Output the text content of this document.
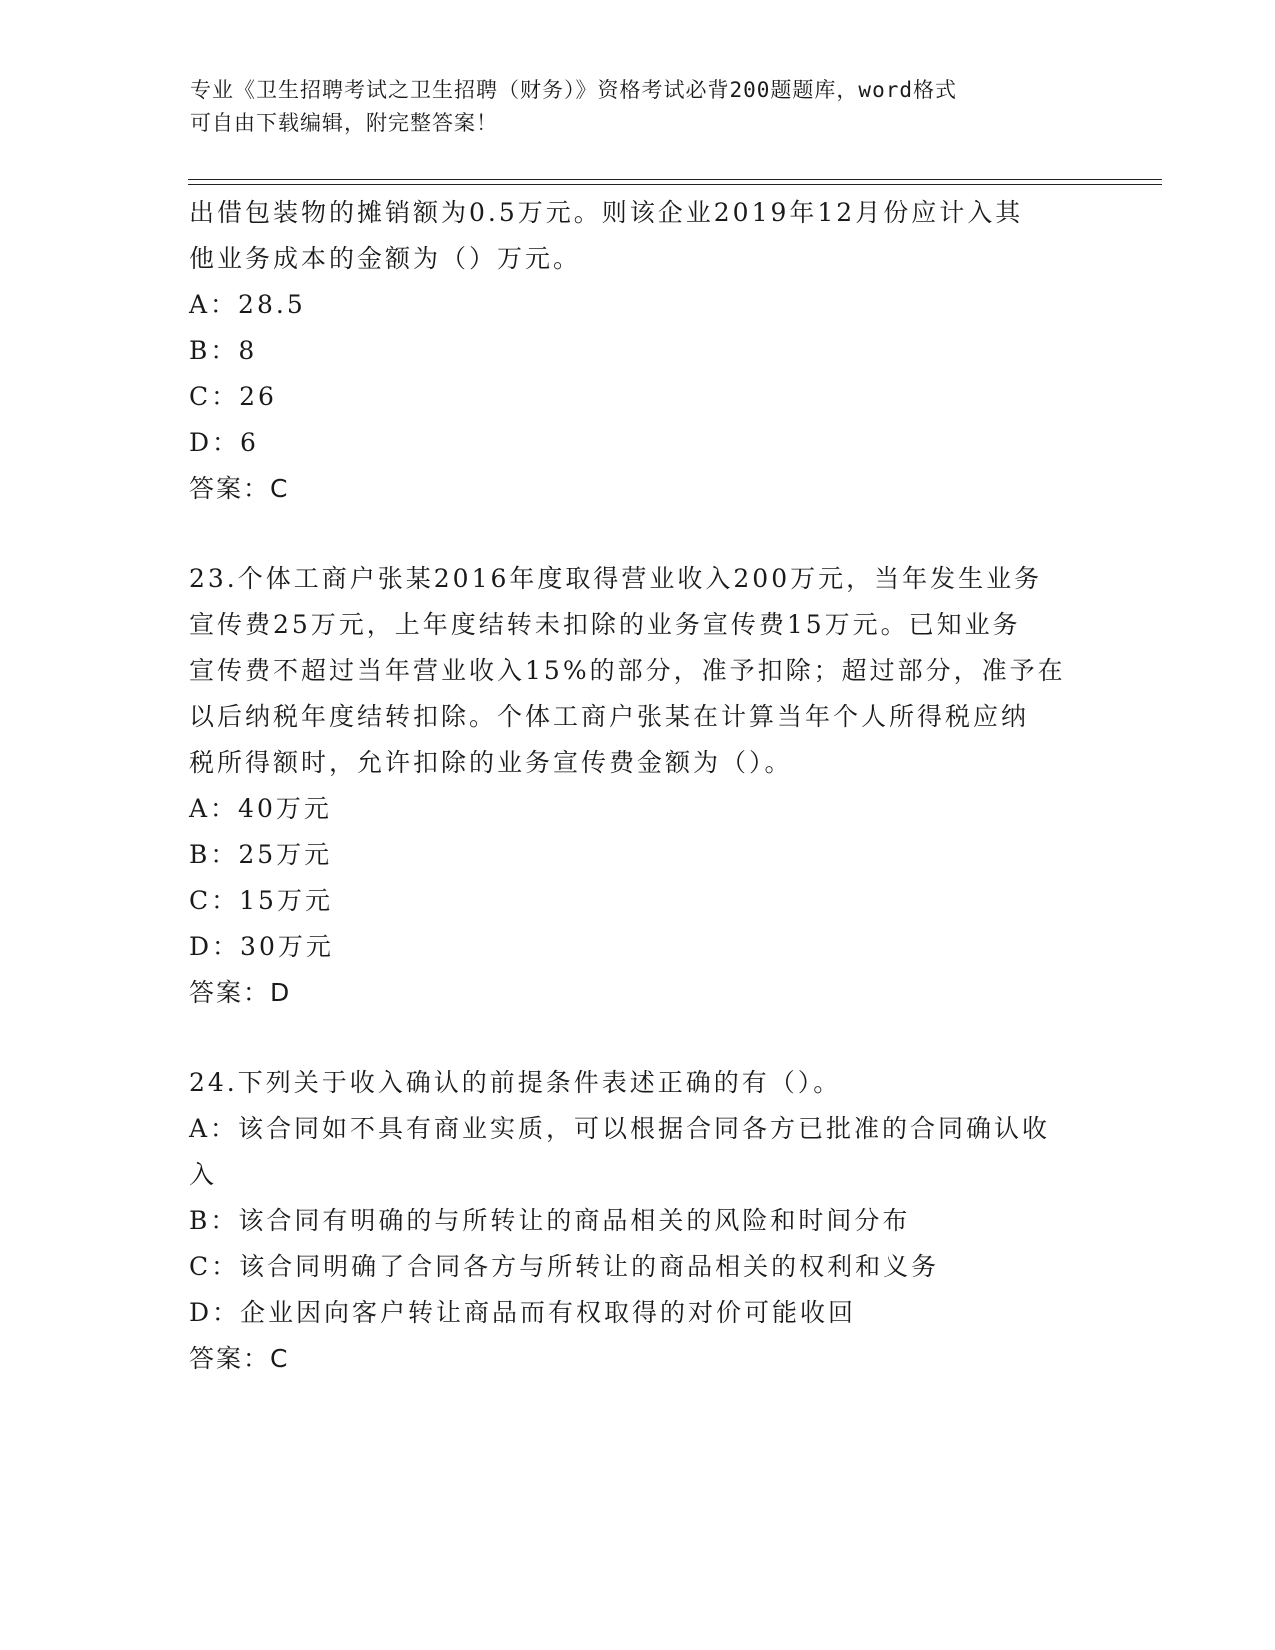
专业《卫生招聘考试之卫生招聘（财务）》资格考试必背200题题库，word格式
可自由下载编辑，附完整答案！
出借包装物的摊销额为0.5万元。则该企业2019年12月份应计入其
他业务成本的金额为（）万元。
A：28.5
B：8
C：26
D：6
答案：C
23.个体工商户张某2016年度取得营业收入200万元，当年发生业务
宣传费25万元，上年度结转未扣除的业务宣传费15万元。已知业务
宣传费不超过当年营业收入15%的部分，准予扣除；超过部分，准予在
以后纳税年度结转扣除。个体工商户张某在计算当年个人所得税应纳
税所得额时，允许扣除的业务宣传费金额为（）。
A：40万元
B：25万元
C：15万元
D：30万元
答案：D
24.下列关于收入确认的前提条件表述正确的有（）。
A：该合同如不具有商业实质，可以根据合同各方已批准的合同确认收
入
B：该合同有明确的与所转让的商品相关的风险和时间分布
C：该合同明确了合同各方与所转让的商品相关的权利和义务
D：企业因向客户转让商品而有权取得的对价可能收回
答案：C
